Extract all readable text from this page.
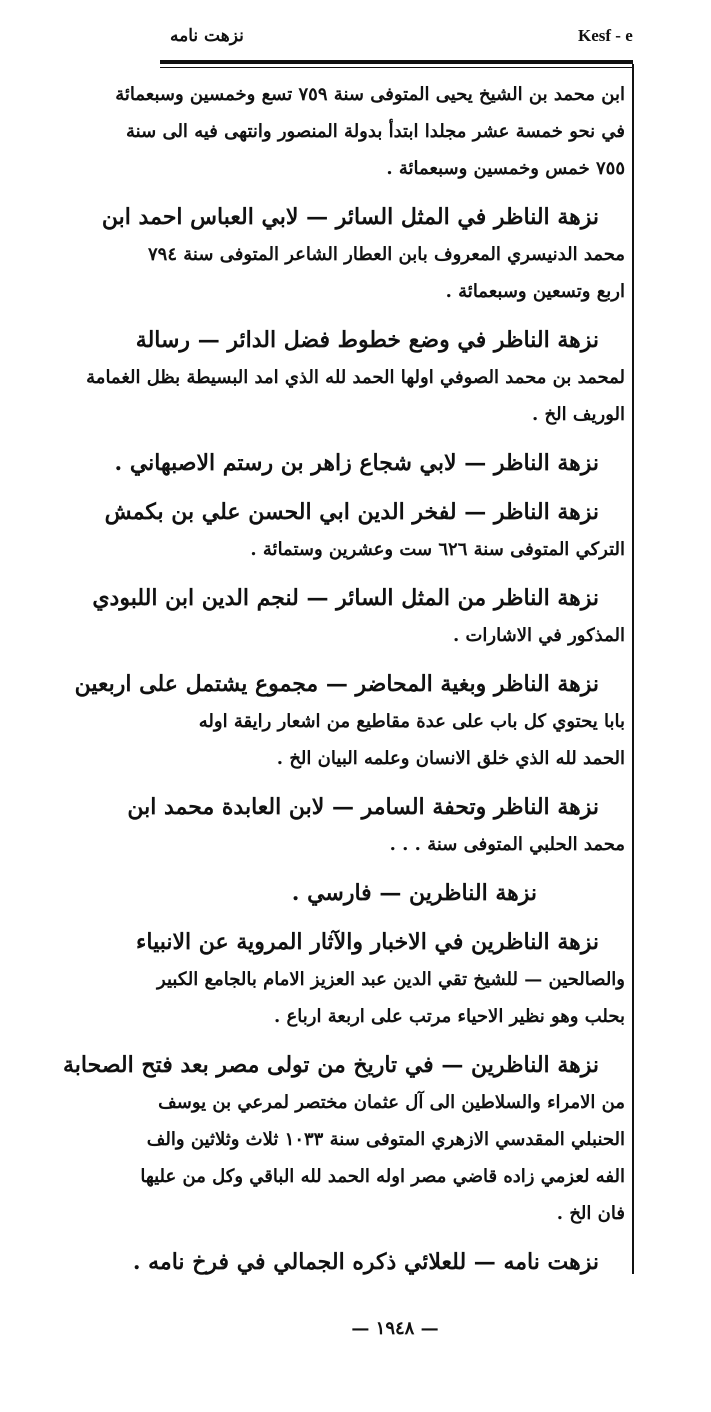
Kesf - e
نزهت نامه
ابن محمد بن الشيخ يحيى المتوفى سنة ٧٥٩ تسع وخمسين وسبعمائة
في نحو خمسة عشر مجلدا ابتدأ بدولة المنصور وانتهى فيه الى سنة
٧٥٥ خمس وخمسين وسبعمائة .
نزهة الناظر في المثل السائر — لابي العباس احمد ابن
محمد الدنيسري المعروف بابن العطار الشاعر المتوفى سنة ٧٩٤
اربع وتسعين وسبعمائة .
نزهة الناظر في وضع خطوط فضل الدائر — رسالة
لمحمد بن محمد الصوفي اولها الحمد لله الذي امد البسيطة بظل الغمامة
الوريف الخ .
نزهة الناظر — لابي شجاع زاهر بن رستم الاصبهاني .
نزهة الناظر — لفخر الدين ابي الحسن علي بن بكمش
التركي المتوفى سنة ٦٢٦ ست وعشرين وستمائة .
نزهة الناظر من المثل السائر — لنجم الدين ابن اللبودي
المذكور في الاشارات .
نزهة الناظر وبغية المحاضر — مجموع يشتمل على اربعين
بابا يحتوي كل باب على عدة مقاطيع من اشعار رايقة اوله
الحمد لله الذي خلق الانسان وعلمه البيان الخ .
نزهة الناظر وتحفة السامر — لابن العابدة محمد ابن
محمد الحلبي المتوفى سنة . . .
نزهة الناظرين — فارسي .
نزهة الناظرين في الاخبار والآثار المروية عن الانبياء
والصالحين — للشيخ تقي الدين عبد العزيز الامام بالجامع الكبير
بحلب وهو نظير الاحياء مرتب على اربعة ارباع .
نزهة الناظرين — في تاريخ من تولى مصر بعد فتح الصحابة
من الامراء والسلاطين الى آل عثمان مختصر لمرعي بن يوسف
الحنبلي المقدسي الازهري المتوفى سنة ١٠٣٣ ثلاث وثلاثين والف
الفه لعزمي زاده قاضي مصر اوله الحمد لله الباقي وكل من عليها
فان الخ .
نزهت نامه — للعلائي ذكره الجمالي في فرخ نامه .
— ١٩٤٨ —
